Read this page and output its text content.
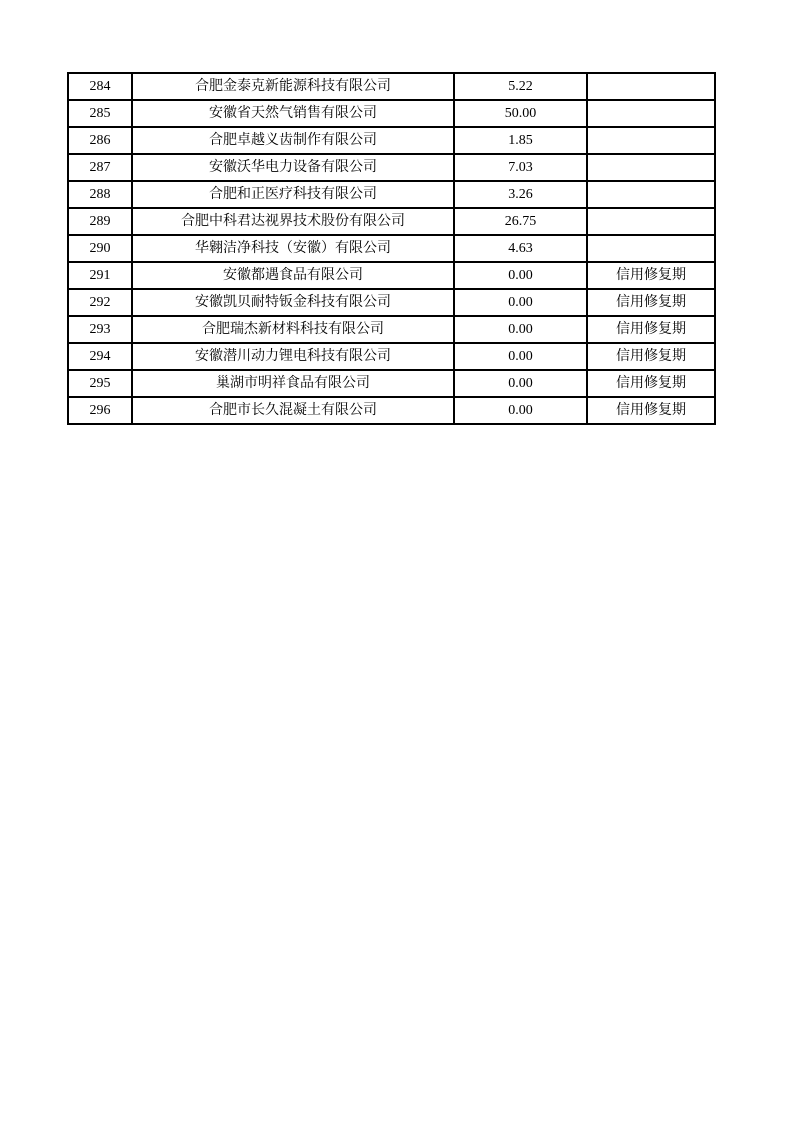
284	合肥金泰克新能源科技有限公司	5.22	
285	安徽省天然气销售有限公司	50.00	
286	合肥卓越义齿制作有限公司	1.85	
287	安徽沃华电力设备有限公司	7.03	
288	合肥和正医疗科技有限公司	3.26	
289	合肥中科君达视界技术股份有限公司	26.75	
290	华翱洁净科技（安徽）有限公司	4.63	
291	安徽都遇食品有限公司	0.00	信用修复期
292	安徽凯贝耐特钣金科技有限公司	0.00	信用修复期
293	合肥瑞杰新材料科技有限公司	0.00	信用修复期
294	安徽潜川动力锂电科技有限公司	0.00	信用修复期
295	巢湖市明祥食品有限公司	0.00	信用修复期
296	合肥市长久混凝土有限公司	0.00	信用修复期
